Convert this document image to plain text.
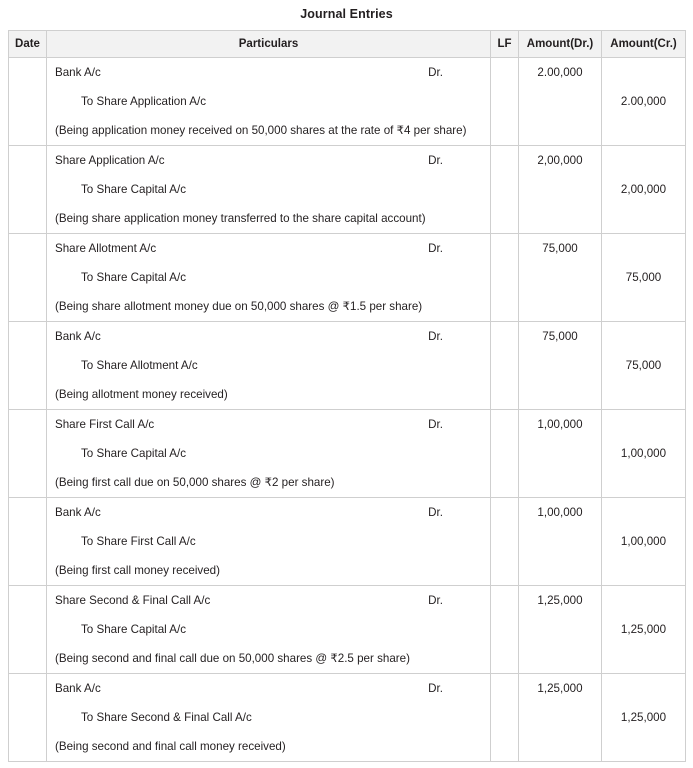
Journal Entries
Date	Particulars	LF	Amount(Dr.)	Amount(Cr.)

	Bank A/c Dr.
To Share Application A/c
(Being application money received on 50,000 shares at the rate of ₹4 per share)		2.00,000	2.00,000

	Share Application A/c Dr.
To Share Capital A/c
(Being share application money transferred to the share capital account)		2,00,000	2,00,000

	Share Allotment A/c Dr.
To Share Capital A/c
(Being share allotment money due on 50,000 shares @ ₹1.5 per share)		75,000	75,000

	Bank A/c Dr.
To Share Allotment A/c
(Being allotment money received)		75,000	75,000

	Share First Call A/c Dr.
To Share Capital A/c
(Being first call due on 50,000 shares @ ₹2 per share)		1,00,000	1,00,000

	Bank A/c Dr.
To Share First Call A/c
(Being first call money received)		1,00,000	1,00,000

	Share Second & Final Call A/c Dr.
To Share Capital A/c
(Being second and final call due on 50,000 shares @ ₹2.5 per share)		1,25,000	1,25,000

	Bank A/c Dr.
To Share Second & Final Call A/c
(Being second and final call money received)		1,25,000	1,25,000
